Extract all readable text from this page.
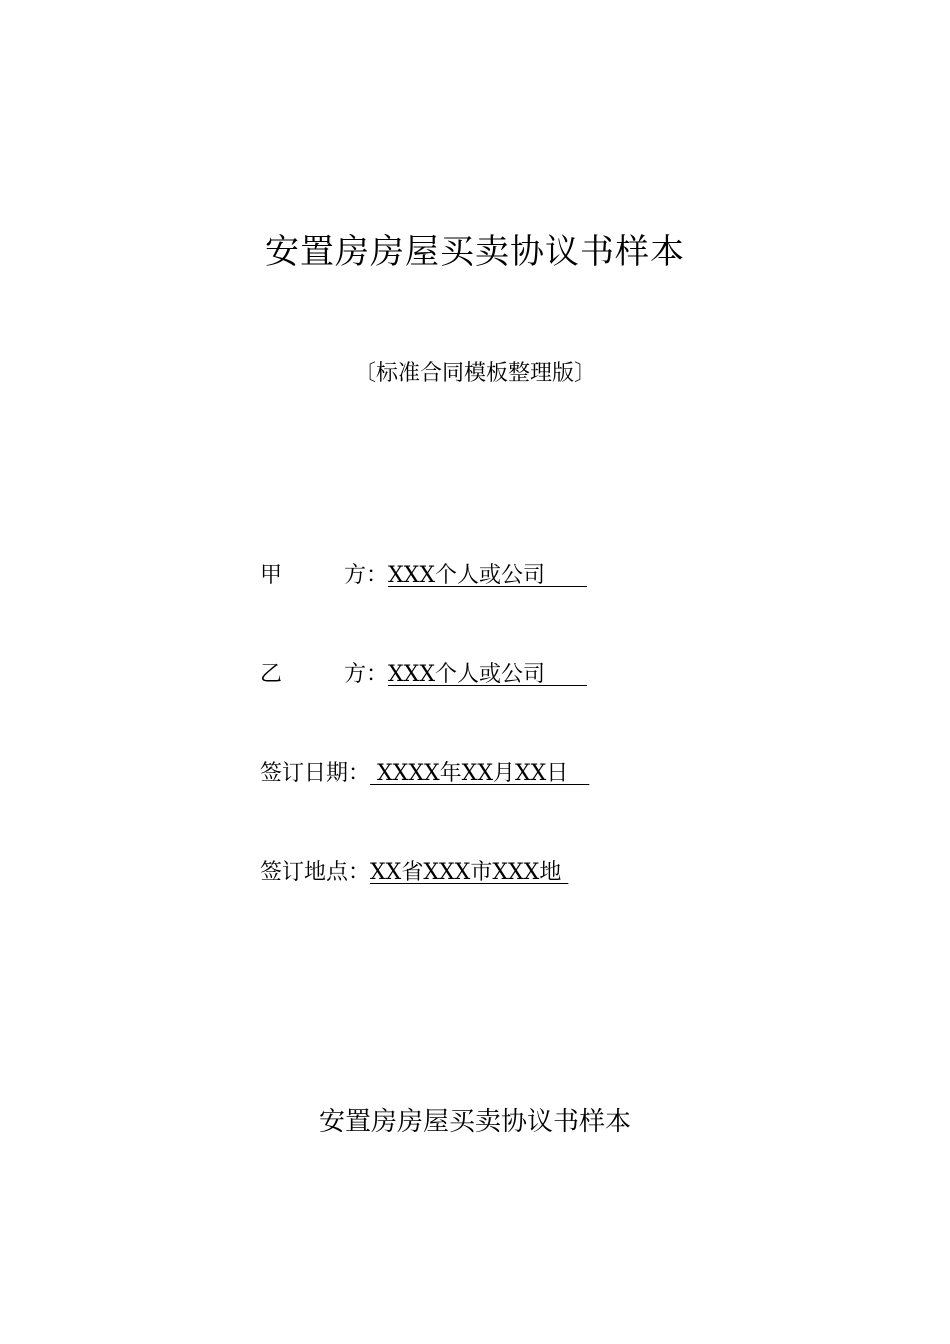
安置房房屋买卖协议书样本
〔标准合同模板整理版〕
甲	方： XXX个人或公司
乙	方： XXX个人或公司
签订日期： XXXX年XX月XX日
签订地点：XX省XXX市XXX地
安置房房屋买卖协议书样本
